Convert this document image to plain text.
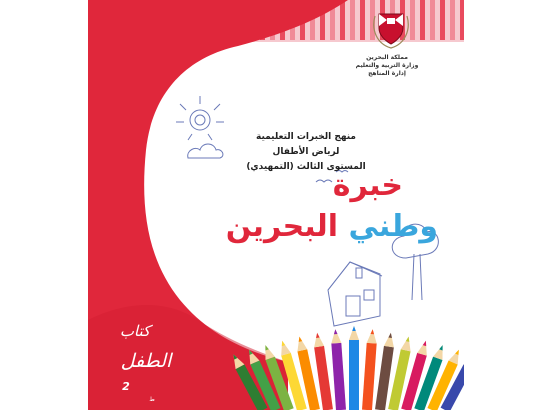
مملكة البحرين
وزارة التربية والتعليم
إدارة المناهج
منهج الخبرات التعليمية
لرياض الأطفال
المستوى الثالث (التمهيدي)
خبرة
وطني البحرين
كتاب
الطفل
2
ط
